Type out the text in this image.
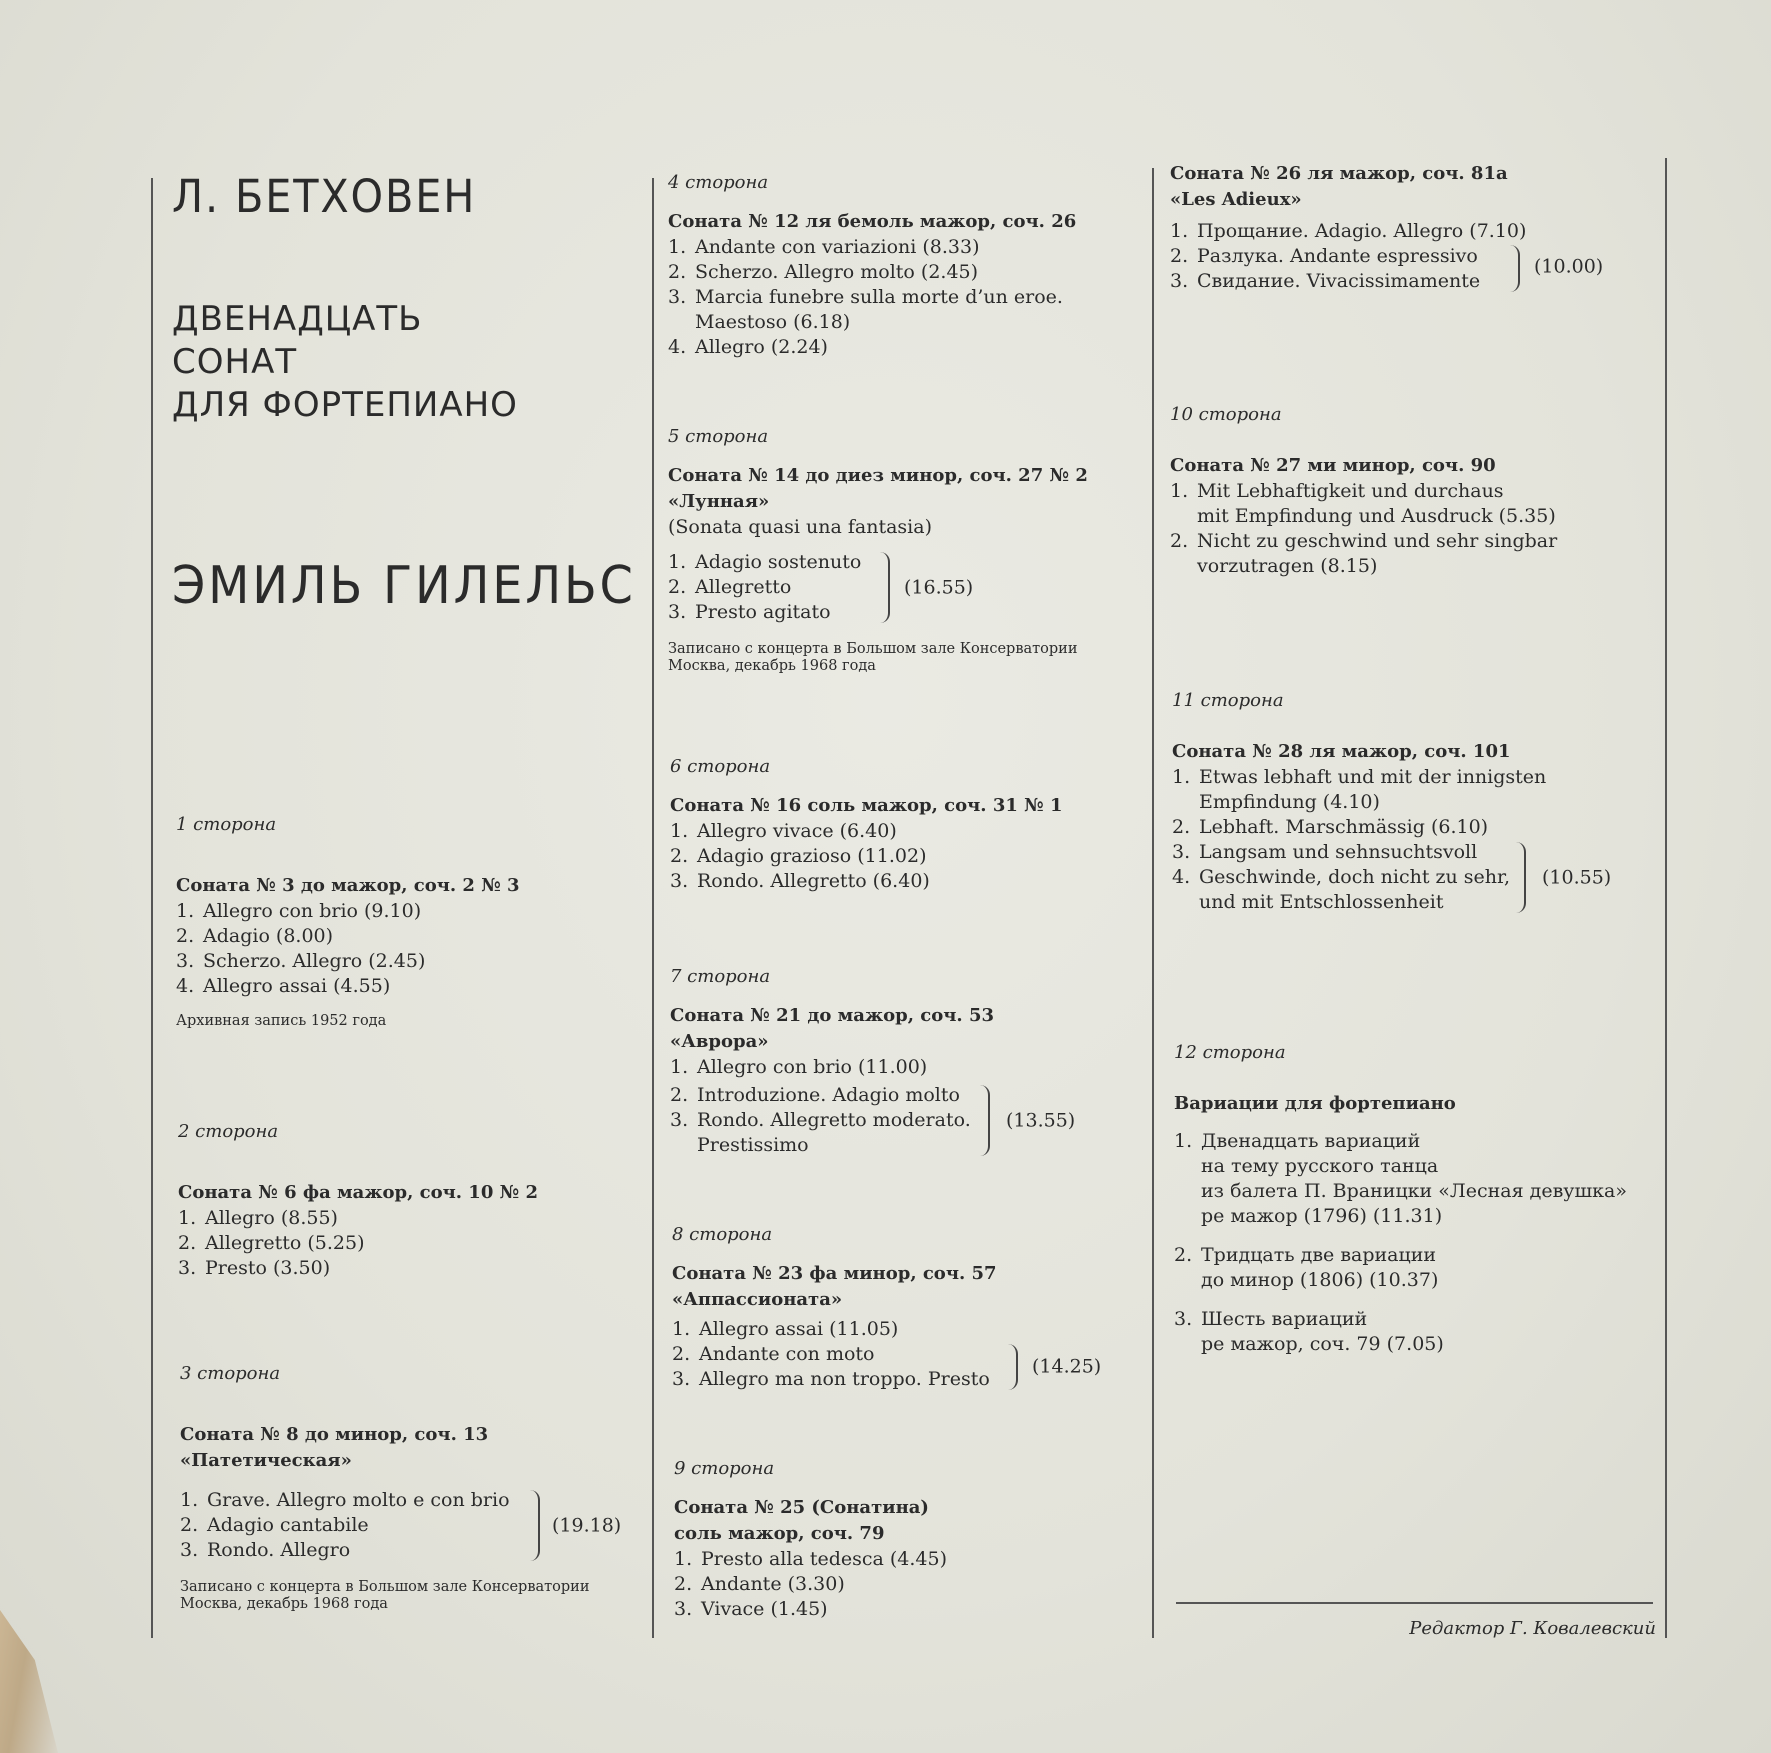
Л. БЕТХОВЕН
ДВЕНАДЦАТЬ
СОНАТ
ДЛЯ ФОРТЕПИАНО
ЭМИЛЬ ГИЛЕЛЬС

1 сторона

Соната № 3 до мажор, соч. 2 № 3

1. Allegro con brio (9.10)
2. Adagio (8.00)
3. Scherzo. Allegro (2.45)
4. Allegro assai (4.55)

Архивная запись 1952 года

2 сторона

Соната № 6 фа мажор, соч. 10 № 2

1. Allegro (8.55)
2. Allegretto (5.25)
3. Presto (3.50)

3 сторона

Соната № 8 до минор, соч. 13

«Патетическая»

1. Grave. Allegro molto e con brio
2. Adagio cantabile
3. Rondo. Allegro
(19.18)

Записано с концерта в Большом зале Консерватории

Москва, декабрь 1968 года

4 сторона

Соната № 12 ля бемоль мажор, соч. 26

1. Andante con variazioni (8.33)
2. Scherzo. Allegro molto (2.45)
3. Marcia funebre sulla morte d’un eroe.
Maestoso (6.18)
4. Allegro (2.24)

5 сторона

Соната № 14 до диез минор, соч. 27 № 2

«Лунная»

(Sonata quasi una fantasia)
1. Adagio sostenuto
2. Allegretto
3. Presto agitato
(16.55)

Записано с концерта в Большом зале Консерватории

Москва, декабрь 1968 года

6 сторона

Соната № 16 соль мажор, соч. 31 № 1

1. Allegro vivace (6.40)
2. Adagio grazioso (11.02)
3. Rondo. Allegretto (6.40)

7 сторона

Соната № 21 до мажор, соч. 53

«Аврора»

1. Allegro con brio (11.00)
2. Introduzione. Adagio molto
3. Rondo. Allegretto moderato.
Prestissimo
(13.55)

8 сторона

Соната № 23 фа минор, соч. 57

«Аппассионата»

1. Allegro assai (11.05)
2. Andante con moto
3. Allegro ma non troppo. Presto
(14.25)

9 сторона

Соната № 25 (Сонатина)

соль мажор, соч. 79

1. Presto alla tedesca (4.45)
2. Andante (3.30)
3. Vivace (1.45)

Соната № 26 ля мажор, соч. 81а

«Les Adieux»

1. Прощание. Adagio. Allegro (7.10)
2. Разлука. Andante espressivo
3. Свидание. Vivacissimamente
(10.00)

10 сторона

Соната № 27 ми минор, соч. 90

1. Mit Lebhaftigkeit und durchaus
mit Empfindung und Ausdruck (5.35)
2. Nicht zu geschwind und sehr singbar
vorzutragen (8.15)

11 сторона

Соната № 28 ля мажор, соч. 101

1. Etwas lebhaft und mit der innigsten
Empfindung (4.10)
2. Lebhaft. Marschmässig (6.10)
3. Langsam und sehnsuchtsvoll
4. Geschwinde, doch nicht zu sehr,
und mit Entschlossenheit
(10.55)

12 сторона

Вариации для фортепиано

1. Двенадцать вариаций
на тему русского танца
из балета П. Враницки «Лесная девушка»
ре мажор (1796) (11.31)
2. Тридцать две вариации
до минор (1806) (10.37)
3. Шесть вариаций
ре мажор, соч. 79 (7.05)
Редактор Г. Ковалевский
